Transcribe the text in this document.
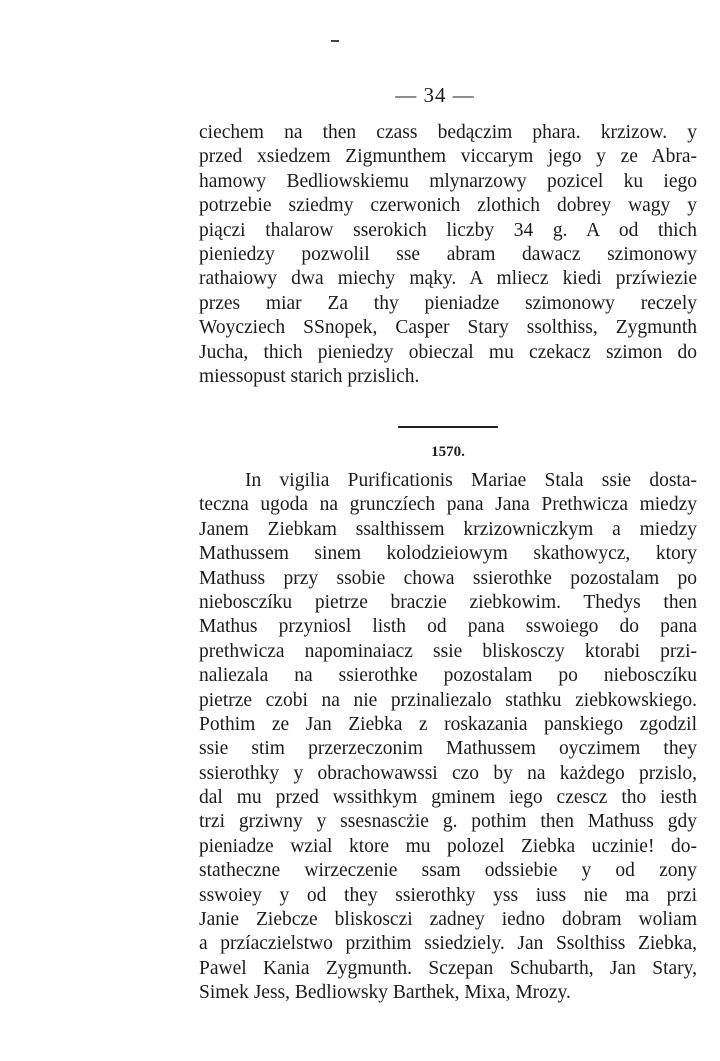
— 34 —
ciechem na then czass bedączim phara. krzizow. y
przed xsiedzem Zigmunthem viccarym jego y ze Abra-
hamowy Bedliowskiemu mlynarzowy pozicel ku iego
potrzebie sziedmy czerwonich zlothich dobrey wagy y
piączi thalarow sserokich liczby 34 g. A od thich
pieniedzy pozwolil sse abram dawacz szimonowy
rathaiowy dwa miechy mąky. A mliecz kiedi przíwiezie
przes miar Za thy pieniadze szimonowy reczely
Woycziech SSnopek, Casper Stary ssolthiss, Zygmunth
Jucha, thich pieniedzy obieczal mu czekacz szimon do
miessopust starich przislich.
1570.
In vigilia Purificationis Mariae Stala ssie dosta-
teczna ugoda na grunczíech pana Jana Prethwicza miedzy
Janem Ziebkam ssalthissem krzizowniczkym a miedzy
Mathussem sinem kolodzieiowym skathowycz, ktory
Mathuss przy ssobie chowa ssierothke pozostalam po
niebosczíku pietrze braczie ziebkowim. Thedys then
Mathus przyniosl listh od pana sswoiego do pana
prethwicza napominaiacz ssie bliskosczy ktorabi przi-
naliezala na ssierothke pozostalam po niebosczíku
pietrze czobi na nie przinaliezalo stathku ziebkowskiego.
Pothim ze Jan Ziebka z roskazania panskiego zgodzil
ssie stim przerzeczonim Mathussem oyczimem they
ssierothky y obrachowawssi czo by na każdego przislo,
dal mu przed wssithkym gminem iego czescz tho iesth
trzi grziwny y ssesnascżie g. pothim then Mathuss gdy
pieniadze wzial ktore mu polozel Ziebka uczinie! do-
statheczne wirzeczenie ssam odssiebie y od zony
sswoiey y od they ssierothky yss iuss nie ma przi
Janie Ziebcze bliskosczi zadney iedno dobram woliam
a przíaczielstwo przithim ssiedziely. Jan Ssolthiss Ziebka,
Pawel Kania Zygmunth. Sczepan Schubarth, Jan Stary,
Simek Jess, Bedliowsky Barthek, Mixa, Mrozy.
